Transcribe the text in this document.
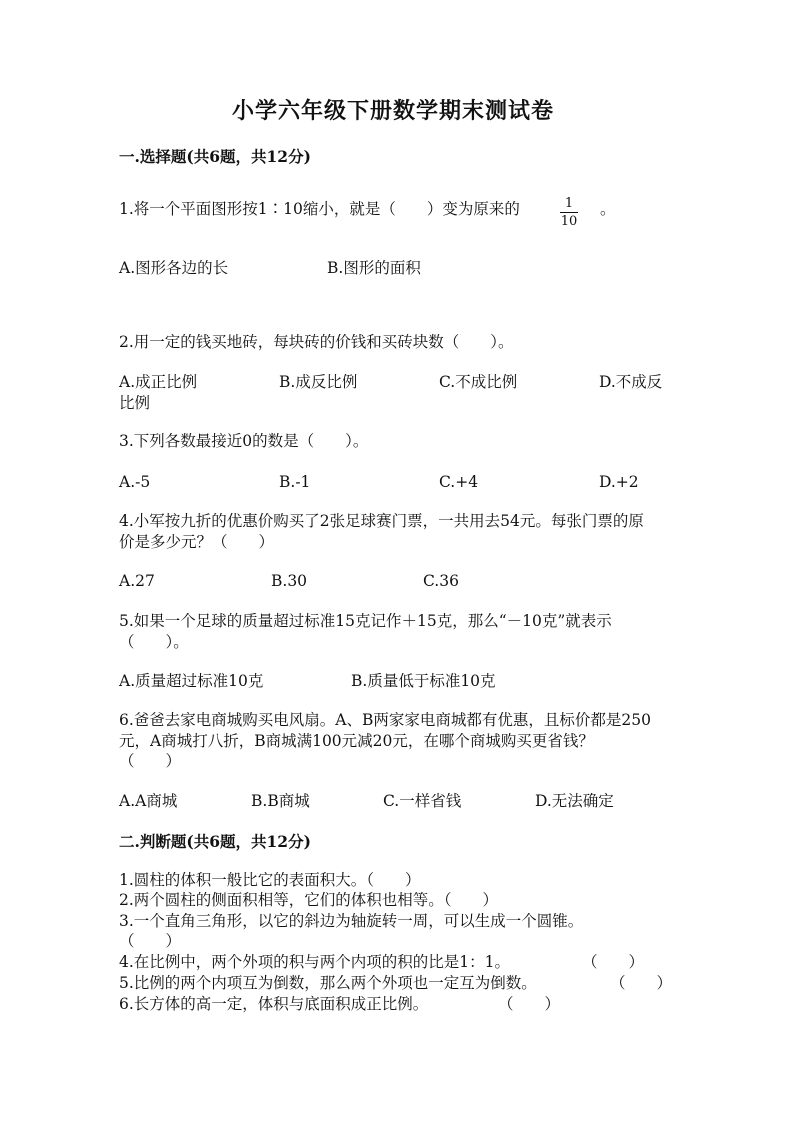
小学六年级下册数学期末测试卷
一.选择题(共6题，共12分)
1.将一个平面图形按1∶10缩小，就是（　　）变为原来的	1
10
。
A.图形各边的长	B.图形的面积
2.用一定的钱买地砖，每块砖的价钱和买砖块数（　　）。
A.成正比例	B.成反比例	C.不成比例	D.不成反
比例
3.下列各数最接近0的数是（　　）。
A.-5	B.-1	C.+4	D.+2
4.小军按九折的优惠价购买了2张足球赛门票，一共用去54元。每张门票的原
价是多少元？（　　）
A.27	B.30	C.36
5.如果一个足球的质量超过标准15克记作＋15克，那么“－10克”就表示
（　　）。
A.质量超过标准10克	B.质量低于标准10克
6.爸爸去家电商城购买电风扇。A、B两家家电商城都有优惠，且标价都是250
元，A商城打八折，B商城满100元减20元，在哪个商城购买更省钱？
（　　）
A.A商城	B.B商城	C.一样省钱	D.无法确定
二.判断题(共6题，共12分)
1.圆柱的体积一般比它的表面积大。（　　）
2.两个圆柱的侧面积相等，它们的体积也相等。（　　）
3.一个直角三角形，以它的斜边为轴旋转一周，可以生成一个圆锥。
（　　）
4.在比例中，两个外项的积与两个内项的积的比是1：1。	（　　）
5.比例的两个内项互为倒数，那么两个外项也一定互为倒数。	（　　）
6.长方体的高一定，体积与底面积成正比例。	（　　）
